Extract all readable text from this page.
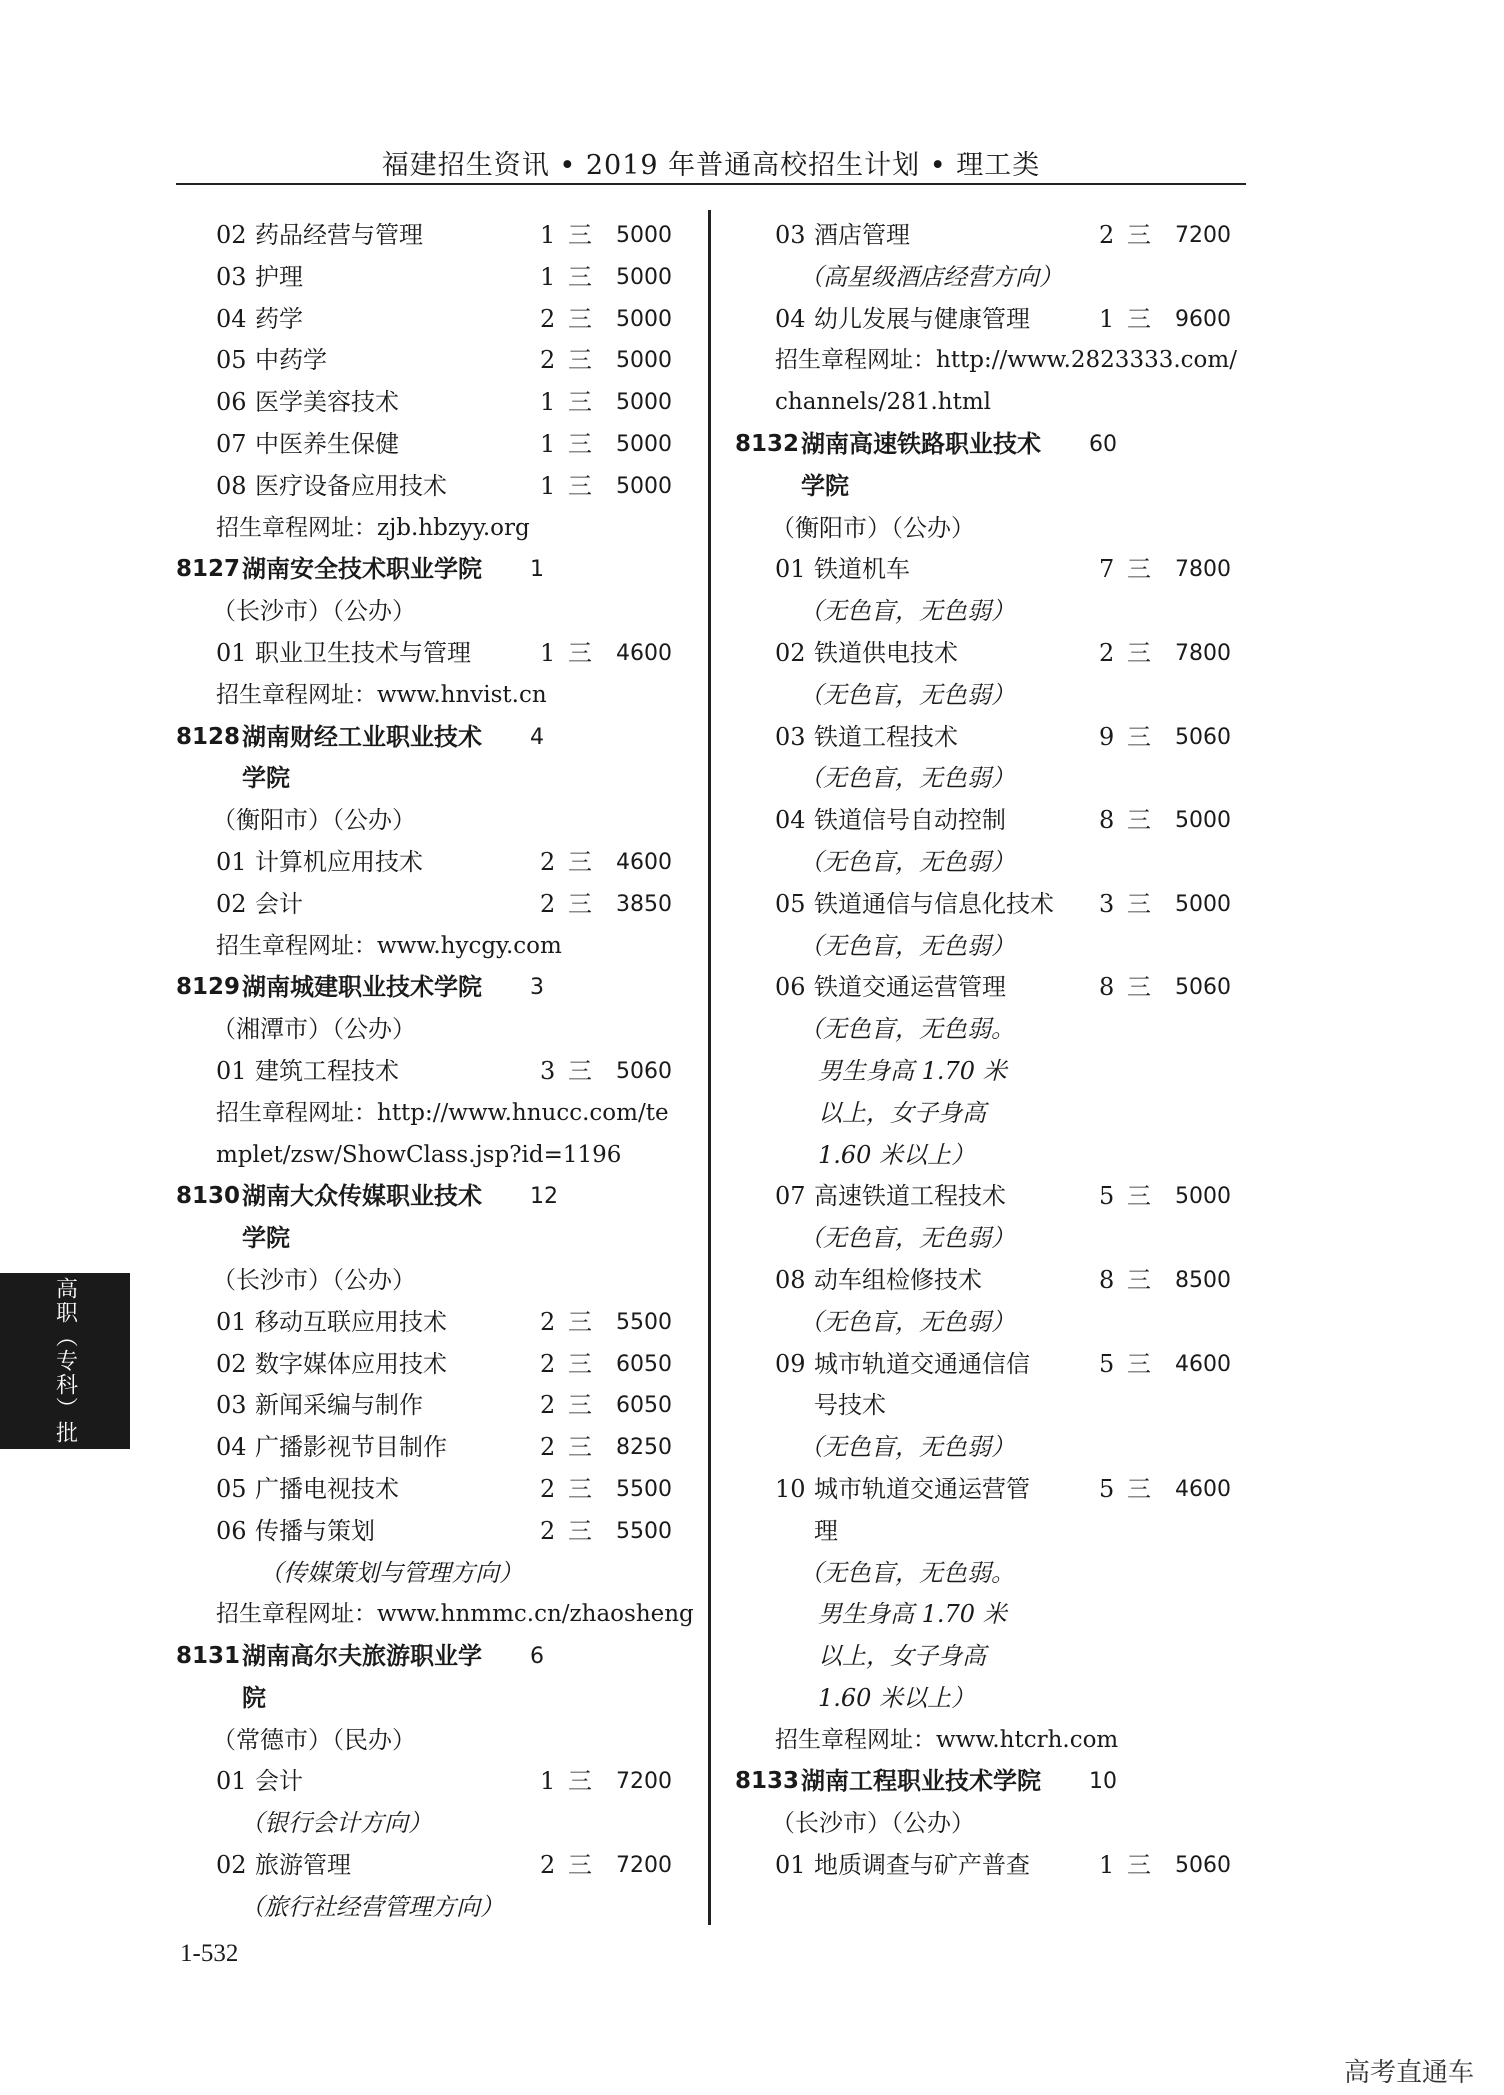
福建招生资讯 • 2019 年普通高校招生计划 • 理工类
02 药品经营与管理	1 三 5000
03 护理	1 三 5000
04 药学	2 三 5000
05 中药学	2 三 5000
06 医学美容技术	1 三 5000
07 中医养生保健	1 三 5000
08 医疗设备应用技术	1 三 5000
招生章程网址：zjb.hbzyy.org
8127 湖南安全技术职业学院 1
（长沙市）（公办）
01 职业卫生技术与管理	1 三 4600
招生章程网址：www.hnvist.cn
8128 湖南财经工业职业技术 4
学院
（衡阳市）（公办）
01 计算机应用技术	2 三 4600
02 会计	2 三 3850
招生章程网址：www.hycgy.com
8129 湖南城建职业技术学院 3
（湘潭市）（公办）
01 建筑工程技术	3 三 5060
招生章程网址：http://www.hnucc.com/te
mplet/zsw/ShowClass.jsp?id=1196
8130 湖南大众传媒职业技术 12
学院
（长沙市）（公办）
01 移动互联应用技术	2 三 5500
02 数字媒体应用技术	2 三 6050
03 新闻采编与制作	2 三 6050
04 广播影视节目制作	2 三 8250
05 广播电视技术	2 三 5500
06 传播与策划	2 三 5500
（传媒策划与管理方向）
招生章程网址：www.hnmmc.cn/zhaosheng
8131 湖南高尔夫旅游职业学 6
院
（常德市）（民办）
01 会计	1 三 7200
（银行会计方向）
02 旅游管理	2 三 7200
（旅行社经营管理方向）
03 酒店管理	2 三 7200
（高星级酒店经营方向）
04 幼儿发展与健康管理	1 三 9600
招生章程网址：http://www.2823333.com/
channels/281.html
8132 湖南高速铁路职业技术 60
学院
（衡阳市）（公办）
01 铁道机车	7 三 7800
（无色盲，无色弱）
02 铁道供电技术	2 三 7800
（无色盲，无色弱）
03 铁道工程技术	9 三 5060
（无色盲，无色弱）
04 铁道信号自动控制	8 三 5000
（无色盲，无色弱）
05 铁道通信与信息化技术 3 三 5000
（无色盲，无色弱）
06 铁道交通运营管理	8 三 5060
（无色盲，无色弱。
男生身高 1.70 米
以上，女子身高
1.60 米以上）
07 高速铁道工程技术	5 三 5000
（无色盲，无色弱）
08 动车组检修技术	8 三 8500
（无色盲，无色弱）
09 城市轨道交通通信信	5 三 4600
号技术
（无色盲，无色弱）
10 城市轨道交通运营管	5 三 4600
理
（无色盲，无色弱。
男生身高 1.70 米
以上，女子身高
1.60 米以上）
招生章程网址：www.htcrh.com
8133 湖南工程职业技术学院 10
（长沙市）（公办）
01 地质调查与矿产普查	1 三 5060
高职（专科）批
1-532
高考直通车
